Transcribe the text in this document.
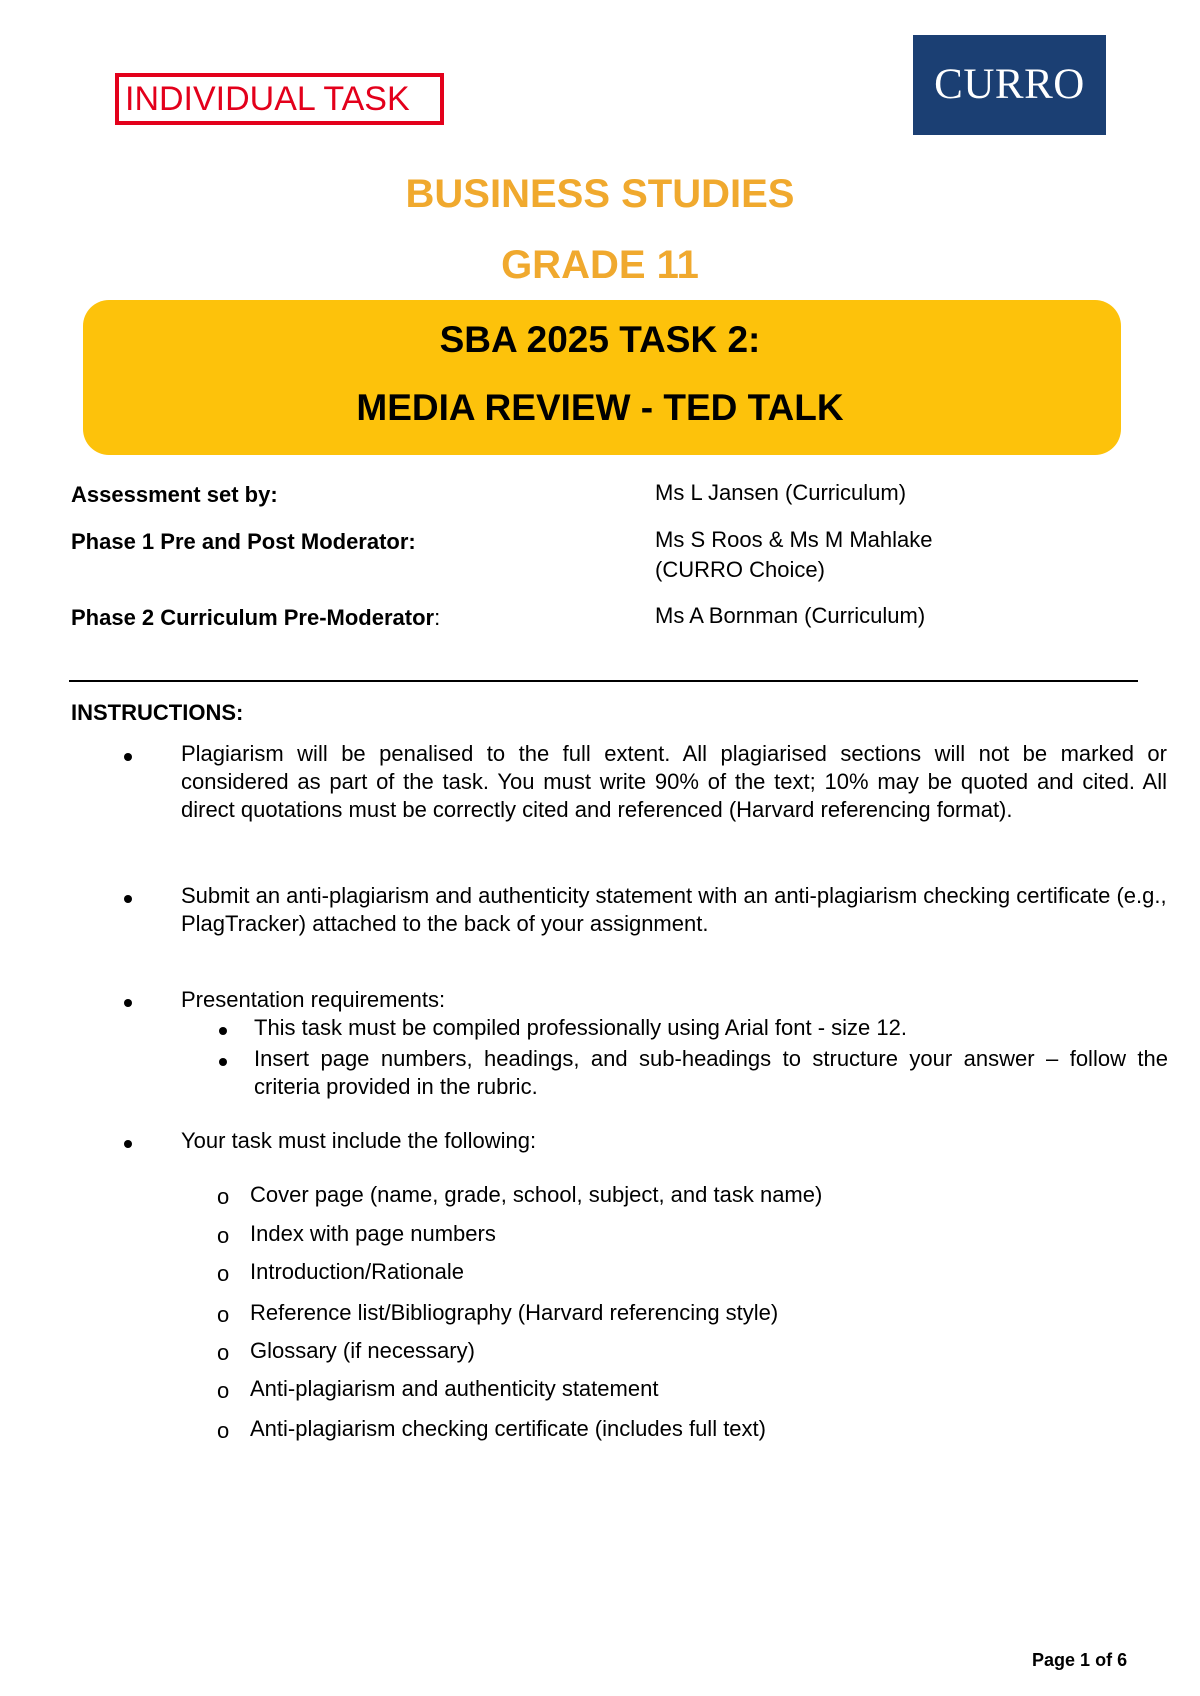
INDIVIDUAL TASK	CURRO
BUSINESS STUDIES
GRADE 11
SBA 2025 TASK 2:
MEDIA REVIEW - TED TALK
Assessment set by:	Ms L Jansen (Curriculum)
Phase 1 Pre and Post Moderator:	Ms S Roos & Ms M Mahlake
(CURRO Choice)
Phase 2 Curriculum Pre-Moderator:	Ms A Bornman (Curriculum)
INSTRUCTIONS:
Plagiarism will be penalised to the full extent. All plagiarised sections will not be marked or considered as part of the task. You must write 90% of the text; 10% may be quoted and cited. All direct quotations must be correctly cited and referenced (Harvard referencing format).
Submit an anti-plagiarism and authenticity statement with an anti-plagiarism checking certificate (e.g., PlagTracker) attached to the back of your assignment.
Presentation requirements:
This task must be compiled professionally using Arial font - size 12.
Insert page numbers, headings, and sub-headings to structure your answer – follow the criteria provided in the rubric.
Your task must include the following:
o Cover page (name, grade, school, subject, and task name)
o Index with page numbers
o Introduction/Rationale
o Reference list/Bibliography (Harvard referencing style)
o Glossary (if necessary)
o Anti-plagiarism and authenticity statement
o Anti-plagiarism checking certificate (includes full text)
Page 1 of 6
